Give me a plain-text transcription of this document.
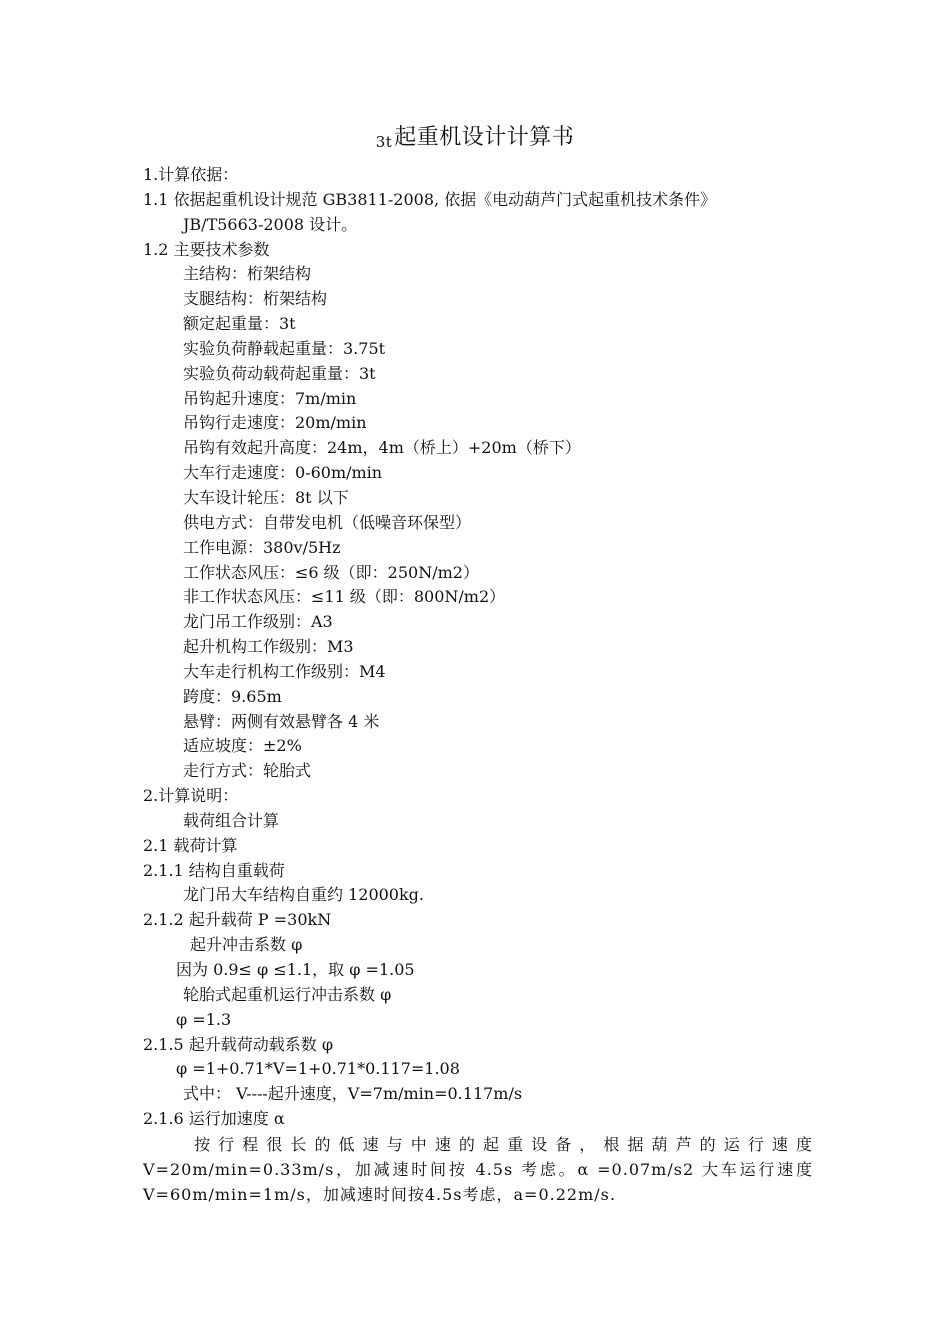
3t起重机设计计算书
1.计算依据：
1.1 依据起重机设计规范 GB3811-2008, 依据《电动葫芦门式起重机技术条件》
JB/T5663-2008 设计。
1.2 主要技术参数
主结构：桁架结构
支腿结构：桁架结构
额定起重量：3t
实验负荷静载起重量：3.75t
实验负荷动载荷起重量：3t
吊钩起升速度：7m/min
吊钩行走速度：20m/min
吊钩有效起升高度：24m，4m（桥上）+20m（桥下）
大车行走速度：0-60m/min
大车设计轮压：8t 以下
供电方式：自带发电机（低噪音环保型）
工作电源：380v/5Hz
工作状态风压：≤6 级（即：250N/m2）
非工作状态风压：≤11 级（即：800N/m2）
龙门吊工作级别：A3
起升机构工作级别：M3
大车走行机构工作级别：M4
跨度：9.65m
悬臂：两侧有效悬臂各 4 米
适应坡度：±2%
走行方式：轮胎式
2.计算说明：
载荷组合计算
2.1 载荷计算
2.1.1 结构自重载荷
龙门吊大车结构自重约 12000kg.
2.1.2 起升载荷 P =30kN
起升冲击系数 φ
因为 0.9≤ φ ≤1.1，取 φ =1.05
轮胎式起重机运行冲击系数 φ
φ =1.3
2.1.5 起升载荷动载系数 φ
φ =1+0.71*V=1+0.71*0.117=1.08
式中： V----起升速度，V=7m/min=0.117m/s
2.1.6 运行加速度 α
按行程很长的低速与中速的起重设备，根据葫芦的运行速度V=20m/min=0.33m/s，加减速时间按 4.5s 考虑。α =0.07m/s2 大车运行速度V=60m/min=1m/s，加减速时间按4.5s考虑，a=0.22m/s.
